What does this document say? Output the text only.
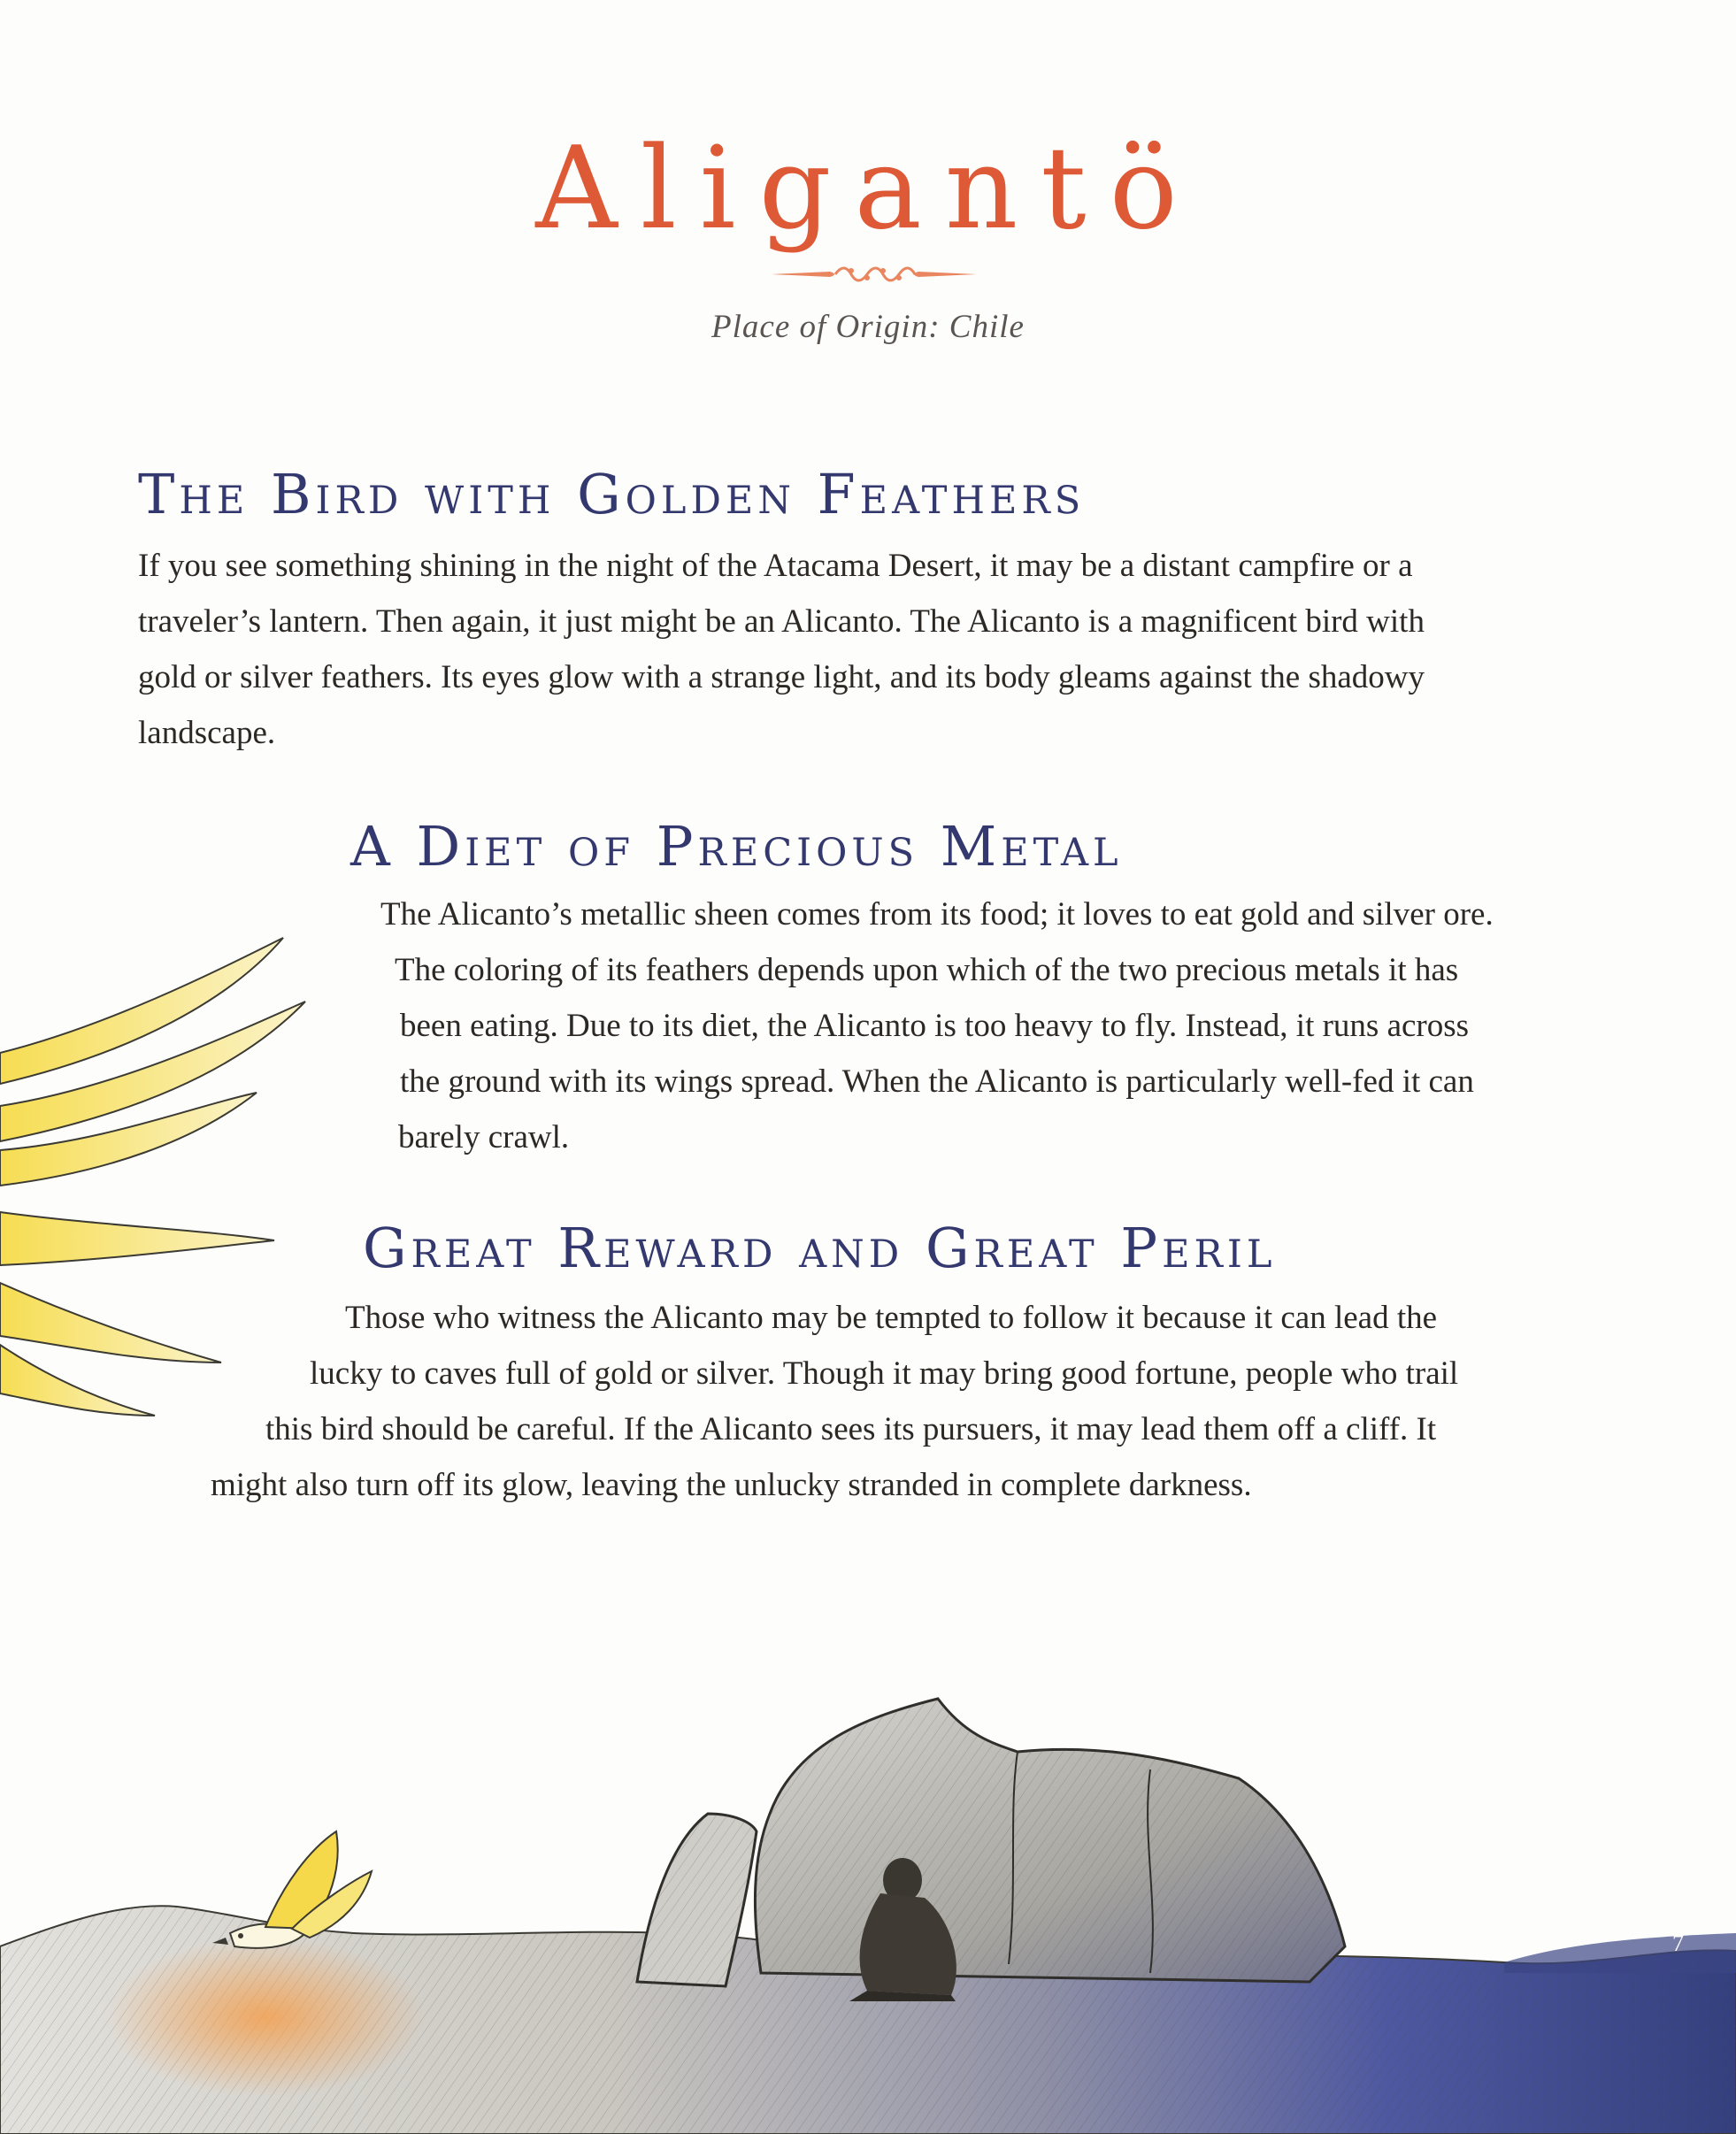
Aligantö
Place of Origin: Chile
The Bird with Golden Feathers
If you see something shining in the night of the Atacama Desert, it may be a distant campfire or a
traveler’s lantern. Then again, it just might be an Alicanto. The Alicanto is a magnificent bird with
gold or silver feathers. Its eyes glow with a strange light, and its body gleams against the shadowy
landscape.
A Diet of Precious Metal
The Alicanto’s metallic sheen comes from its food; it loves to eat gold and silver ore.
The coloring of its feathers depends upon which of the two precious metals it has
been eating. Due to its diet, the Alicanto is too heavy to fly. Instead, it runs across
the ground with its wings spread. When the Alicanto is particularly well-fed it can
barely crawl.
Great Reward and Great Peril
Those who witness the Alicanto may be tempted to follow it because it can lead the
lucky to caves full of gold or silver. Though it may bring good fortune, people who trail
this bird should be careful. If the Alicanto sees its pursuers, it may lead them off a cliff. It
might also turn off its glow, leaving the unlucky stranded in complete darkness.
7
